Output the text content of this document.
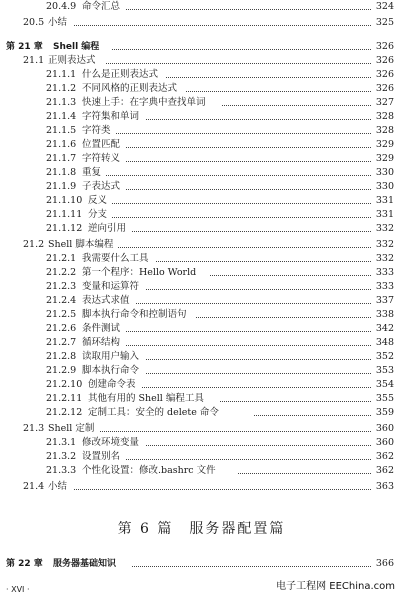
20.4.9 命令汇总	324
20.5 小结	325
第 21 章 Shell 编程	326
21.1 正则表达式	326
21.1.1 什么是正则表达式	326
21.1.2 不同风格的正则表达式	326
21.1.3 快速上手：在字典中查找单词	327
21.1.4 字符集和单词	328
21.1.5 字符类	328
21.1.6 位置匹配	329
21.1.7 字符转义	329
21.1.8 重复	330
21.1.9 子表达式	330
21.1.10 反义	331
21.1.11 分支	331
21.1.12 逆向引用	332
21.2 Shell 脚本编程	332
21.2.1 我需要什么工具	332
21.2.2 第一个程序：Hello World	333
21.2.3 变量和运算符	333
21.2.4 表达式求值	337
21.2.5 脚本执行命令和控制语句	338
21.2.6 条件测试	342
21.2.7 循环结构	348
21.2.8 读取用户输入	352
21.2.9 脚本执行命令	353
21.2.10 创建命令表	354
21.2.11 其他有用的 Shell 编程工具	355
21.2.12 定制工具：安全的 delete 命令	359
21.3 Shell 定制	360
21.3.1 修改环境变量	360
21.3.2 设置别名	362
21.3.3 个性化设置：修改.bashrc 文件	362
21.4 小结	363
第 6 篇　服务器配置篇
第 22 章 服务器基础知识	366
电子工程网 EEChina.com
· XVI ·
